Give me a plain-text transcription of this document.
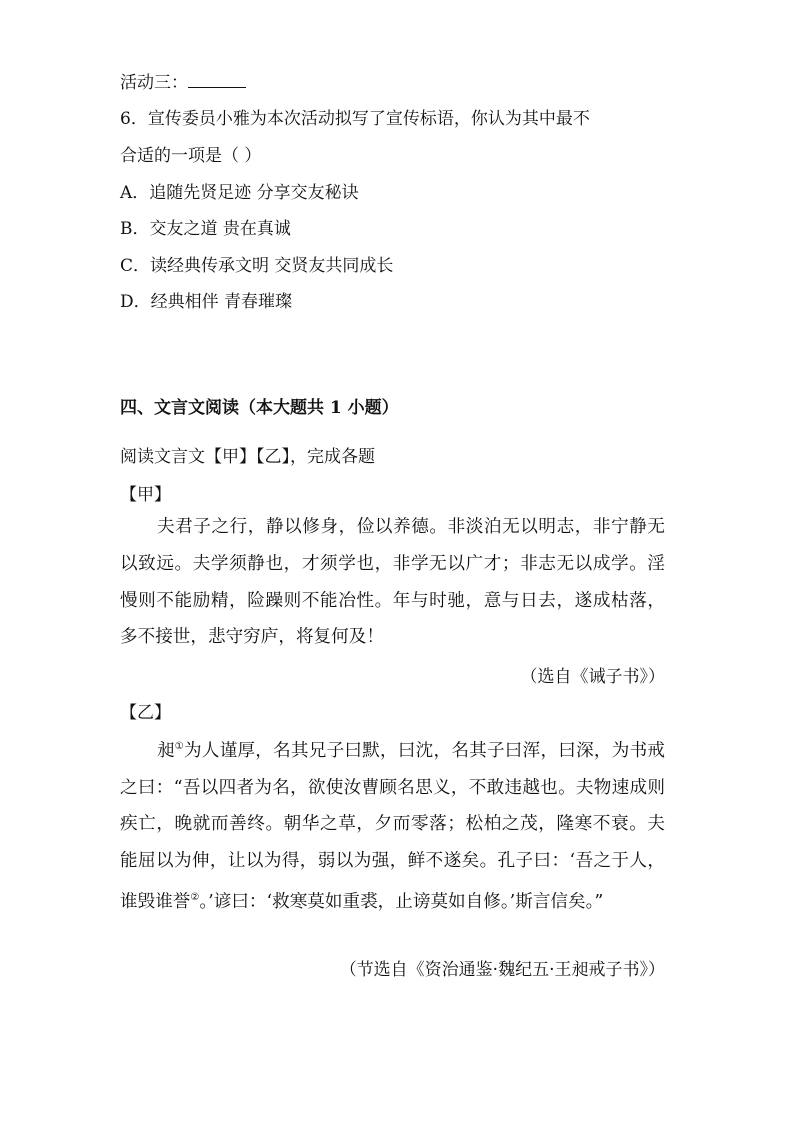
活动三：
6．宣传委员小雅为本次活动拟写了宣传标语，你认为其中最不
合适的一项是（ ）
A．追随先贤足迹 分享交友秘诀
B．交友之道 贵在真诚
C．读经典传承文明 交贤友共同成长
D．经典相伴 青春璀璨
四、文言文阅读（本大题共 1 小题）
阅读文言文【甲】【乙】，完成各题
【甲】

夫君子之行，静以修身，俭以养德。非淡泊无以明志，非宁静无以致远。夫学须静也，才须学也，非学无以广才；非志无以成学。淫慢则不能励精，险躁则不能冶性。年与时驰，意与日去，遂成枯落，多不接世，悲守穷庐，将复何及！

（选自《诫子书》）
【乙】

昶①为人谨厚，名其兄子曰默，曰沈，名其子曰浑，曰深，为书戒之曰：“吾以四者为名，欲使汝曹顾名思义，不敢违越也。夫物速成则疾亡，晚就而善终。朝华之草，夕而零落；松柏之茂，隆寒不衰。夫能屈以为伸，让以为得，弱以为强，鲜不遂矣。孔子曰：‘吾之于人，谁毁谁誉②。’谚曰：‘救寒莫如重裘，止谤莫如自修。’斯言信矣。”

（节选自《资治通鉴·魏纪五·王昶戒子书》）
